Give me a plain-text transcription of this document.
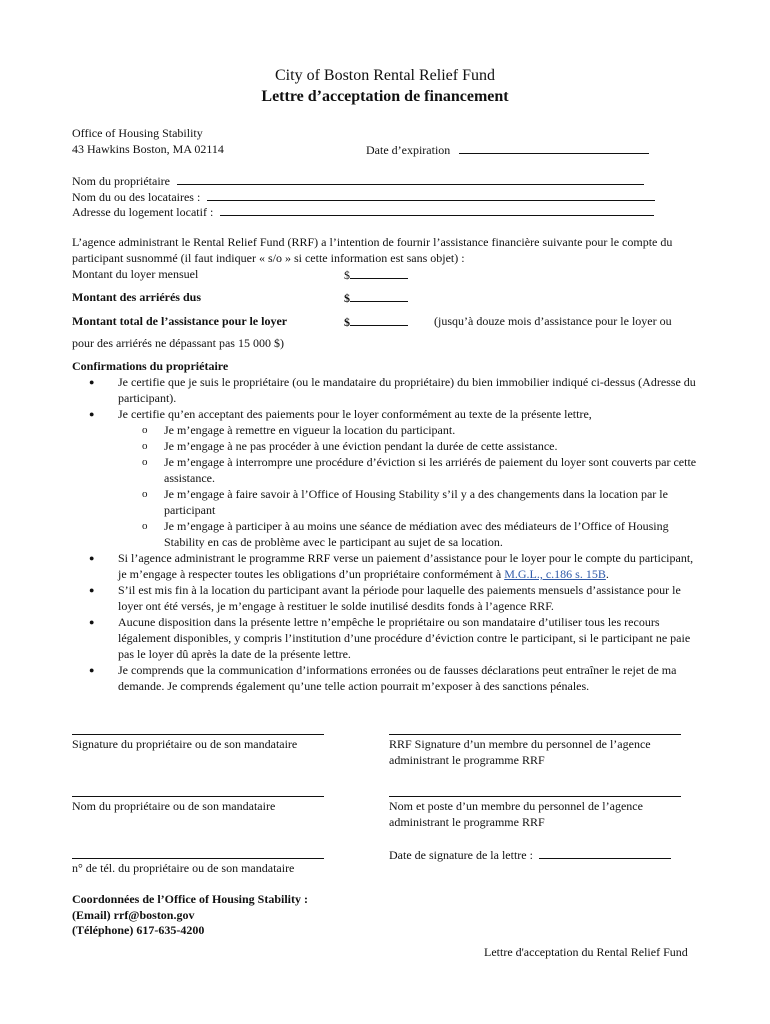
City of Boston Rental Relief Fund
Lettre d’acceptation de financement
Office of Housing Stability
43 Hawkins Boston, MA 02114	Date d’expiration
Nom du propriétaire
Nom du ou des locataires :
Adresse du logement locatif :
L’agence administrant le Rental Relief Fund (RRF) a l’intention de fournir l’assistance financière suivante pour le compte du participant susnommé (il faut indiquer « s/o » si cette information est sans objet) :
Montant du loyer mensuel	$
Montant des arriérés dus	$
Montant total de l’assistance pour le loyer	$	(jusqu’à douze mois d’assistance pour le loyer ou
pour des arriérés ne dépassant pas 15 000 $)
Confirmations du propriétaire
● Je certifie que je suis le propriétaire (ou le mandataire du propriétaire) du bien immobilier indiqué ci-dessus (Adresse du participant).
● Je certifie qu’en acceptant des paiements pour le loyer conformément au texte de la présente lettre,
o Je m’engage à remettre en vigueur la location du participant.
o Je m’engage à ne pas procéder à une éviction pendant la durée de cette assistance.
o Je m’engage à interrompre une procédure d’éviction si les arriérés de paiement du loyer sont couverts par cette assistance.
o Je m’engage à faire savoir à l’Office of Housing Stability s’il y a des changements dans la location par le participant
o Je m’engage à participer à au moins une séance de médiation avec des médiateurs de l’Office of Housing Stability en cas de problème avec le participant au sujet de sa location.
● Si l’agence administrant le programme RRF verse un paiement d’assistance pour le loyer pour le compte du participant, je m’engage à respecter toutes les obligations d’un propriétaire conformément à M.G.L., c.186 s. 15B.
● S’il est mis fin à la location du participant avant la période pour laquelle des paiements mensuels d’assistance pour le loyer ont été versés, je m’engage à restituer le solde inutilisé desdits fonds à l’agence RRF.
● Aucune disposition dans la présente lettre n’empêche le propriétaire ou son mandataire d’utiliser tous les recours légalement disponibles, y compris l’institution d’une procédure d’éviction contre le participant, si le participant ne paie pas le loyer dû après la date de la présente lettre.
● Je comprends que la communication d’informations erronées ou de fausses déclarations peut entraîner le rejet de ma demande. Je comprends également qu’une telle action pourrait m’exposer à des sanctions pénales.
Signature du propriétaire ou de son mandataire	RRF Signature d’un membre du personnel de l’agence
administrant le programme RRF
Nom du propriétaire ou de son mandataire	Nom et poste d’un membre du personnel de l’agence
administrant le programme RRF
Date de signature de la lettre :
n° de tél. du propriétaire ou de son mandataire
Coordonnées de l’Office of Housing Stability :
(Email) rrf@boston.gov
(Téléphone) 617-635-4200
Lettre d'acceptation du Rental Relief Fund
